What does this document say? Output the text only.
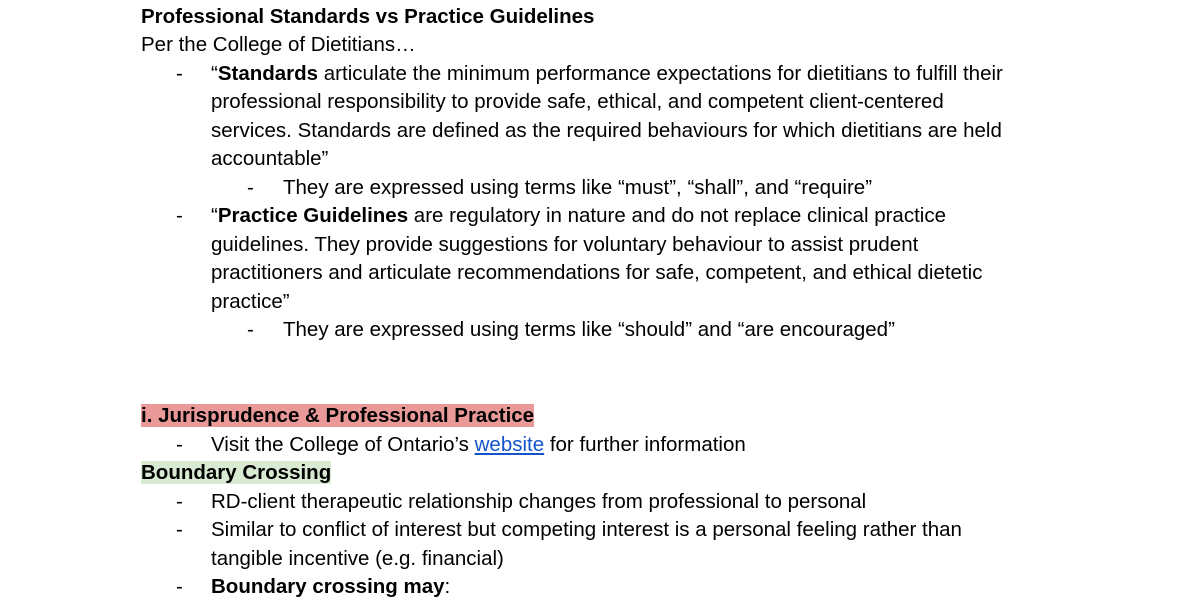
Professional Standards vs Practice Guidelines
Per the College of Dietitians…
- “Standards articulate the minimum performance expectations for dietitians to fulfill their
professional responsibility to provide safe, ethical, and competent client-centered
services. Standards are defined as the required behaviours for which dietitians are held
accountable”
- They are expressed using terms like “must”, “shall”, and “require”
- “Practice Guidelines are regulatory in nature and do not replace clinical practice
guidelines. They provide suggestions for voluntary behaviour to assist prudent
practitioners and articulate recommendations for safe, competent, and ethical dietetic
practice”
- They are expressed using terms like “should” and “are encouraged”
i. Jurisprudence & Professional Practice
- Visit the College of Ontario’s website for further information
Boundary Crossing
- RD-client therapeutic relationship changes from professional to personal
- Similar to conflict of interest but competing interest is a personal feeling rather than
tangible incentive (e.g. financial)
- Boundary crossing may:
